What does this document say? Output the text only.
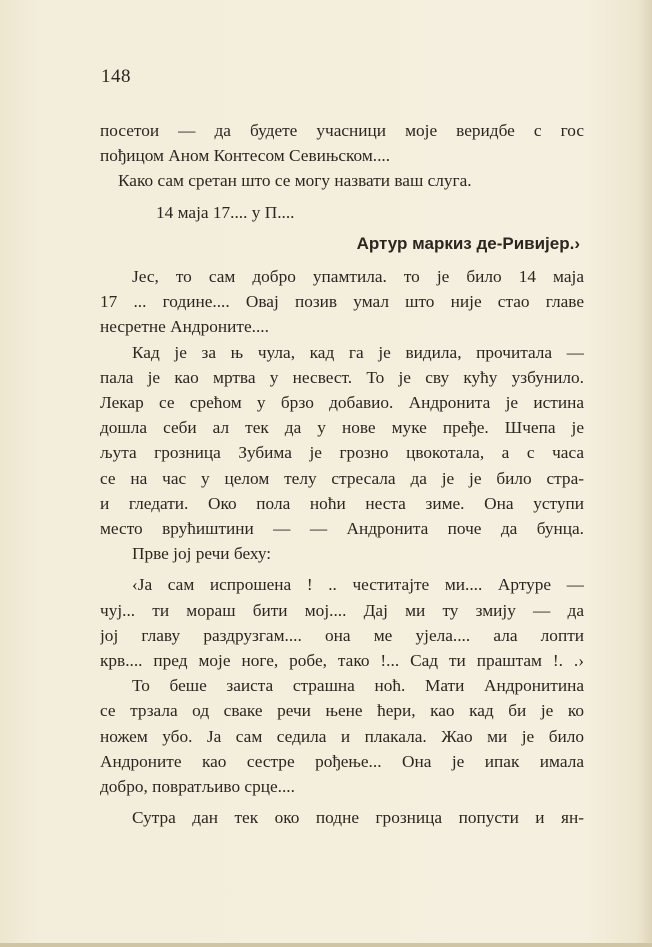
148
посетои — да будете учасници моје веридбе с гос
пођицом Аном Контесом Севињском....
Како сам сретан што се могу назвати ваш слуга.
14 маја 17.... у П....
Артур маркиз де-Ривијер.›
Јес, то сам добро упамтила. то је било 14 маја
17 ... године.... Овај позив умал што није стао главе
несретне Андроните....
Кад је за њ чула, кад га је видила, прочитала —
пала је као мртва у несвест. То је сву кућу узбунило.
Лекар се срећом у брзо добавио. Андронита је истина
дошла себи ал тек да у нове муке пређе. Шчепа је
љута грозница Зубима је грозно цвокотала, а с часа
се на час у целом телу стресала да је је било стра-
и гледати. Око пола ноћи неста зиме. Она уступи
место врућиштини — — Андронита поче да бунца.
Прве јој речи беху:
‹Ја сам испрошена ! .. честитајте ми.... Артуре —
чуј... ти мораш бити мој.... Дај ми ту змију — да
јој главу раздрузгам.... она ме ујела.... ала лопти
крв.... пред моје ноге, робе, тако !... Сад ти праштам !. .›
То беше заиста страшна ноћ. Мати Андронитина
се трзала од сваке речи њене ћери, као кад би је ко
ножем убо. Ја сам седила и плакала. Жао ми је било
Андроните као сестре рођење... Она је ипак имала
добро, повратљиво срце....
Сутра дан тек око подне грозница попусти и ян-
